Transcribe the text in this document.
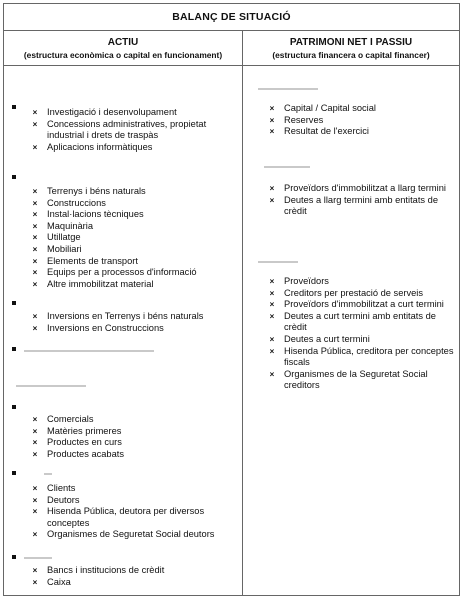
BALANÇ DE SITUACIÓ
ACTIU
(estructura econòmica o capital en funcionament)
PATRIMONI NET I PASSIU
(estructura financera o capital financer)
×	Investigació i desenvolupament
×	Concessions administratives, propietat industrial i drets de traspàs
×	Aplicacions informàtiques
×	Terrenys i béns naturals
×	Construccions
×	Instal·lacions tècniques
×	Maquinària
×	Utillatge
×	Mobiliari
×	Elements de transport
×	Equips per a processos d'informació
×	Altre immobilitzat material
×	Inversions en Terrenys i béns naturals
×	Inversions en Construccions
×	Comercials
×	Matèries primeres
×	Productes en curs
×	Productes acabats
×	Clients
×	Deutors
×	Hisenda Pública, deutora per diversos conceptes
×	Organismes de Seguretat Social deutors
×	Bancs i institucions de crèdit
×	Caixa
×	Capital / Capital social
×	Reserves
×	Resultat de l'exercici
×	Proveïdors d'immobilitzat a llarg termini
×	Deutes a llarg termini amb entitats de crèdit
×	Proveïdors
×	Creditors per prestació de serveis
×	Proveïdors d'immobilitzat a curt termini
×	Deutes a curt termini amb entitats de crèdit
×	Deutes a curt termini
×	Hisenda Pública, creditora per conceptes fiscals
×	Organismes de la Seguretat Social creditors
